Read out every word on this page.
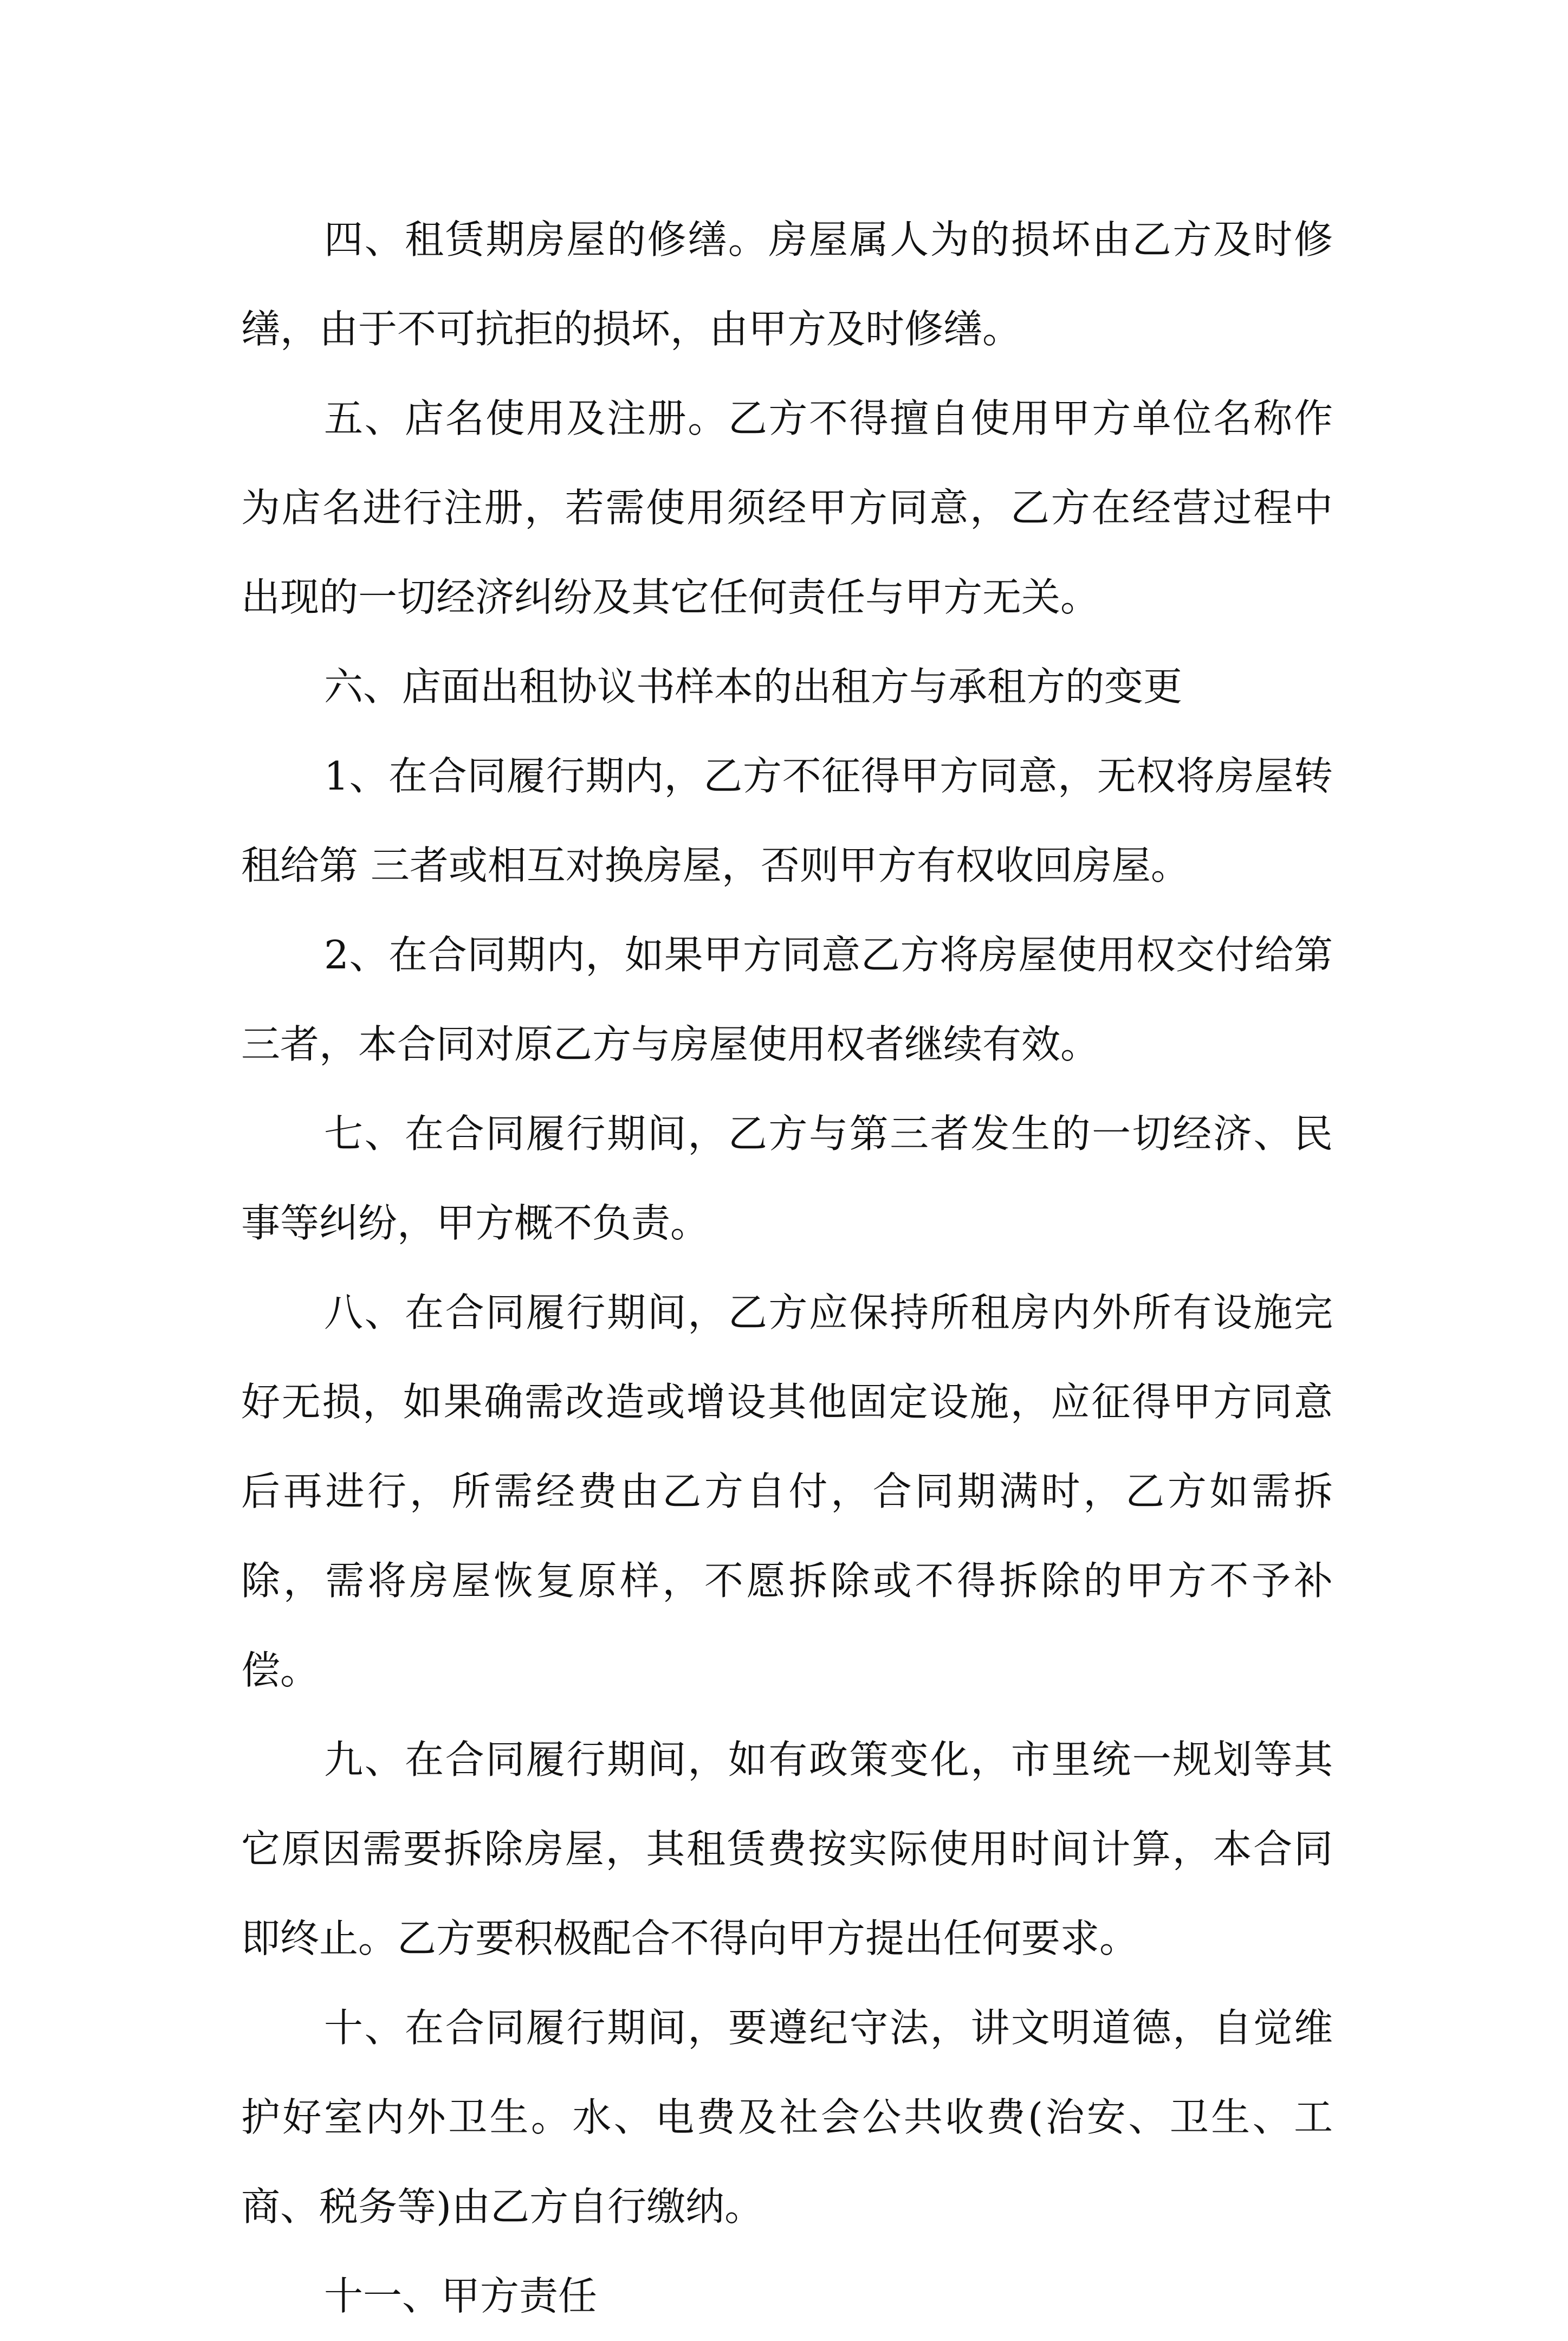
四、租赁期房屋的修缮。房屋属人为的损坏由乙方及时修缮，由于不可抗拒的损坏，由甲方及时修缮。

五、店名使用及注册。乙方不得擅自使用甲方单位名称作为店名进行注册，若需使用须经甲方同意，乙方在经营过程中出现的一切经济纠纷及其它任何责任与甲方无关。

六、店面出租协议书样本的出租方与承租方的变更

1、在合同履行期内，乙方不征得甲方同意，无权将房屋转租给第 三者或相互对换房屋，否则甲方有权收回房屋。

2、在合同期内，如果甲方同意乙方将房屋使用权交付给第三者，本合同对原乙方与房屋使用权者继续有效。

七、在合同履行期间，乙方与第三者发生的一切经济、民事等纠纷，甲方概不负责。

八、在合同履行期间，乙方应保持所租房内外所有设施完好无损，如果确需改造或增设其他固定设施，应征得甲方同意后再进行，所需经费由乙方自付，合同期满时，乙方如需拆除，需将房屋恢复原样，不愿拆除或不得拆除的甲方不予补偿。

九、在合同履行期间，如有政策变化，市里统一规划等其它原因需要拆除房屋，其租赁费按实际使用时间计算，本合同即终止。乙方要积极配合不得向甲方提出任何要求。

十、在合同履行期间，要遵纪守法，讲文明道德，自觉维护好室内外卫生。水、电费及社会公共收费(治安、卫生、工商、税务等)由乙方自行缴纳。

十一、甲方责任
